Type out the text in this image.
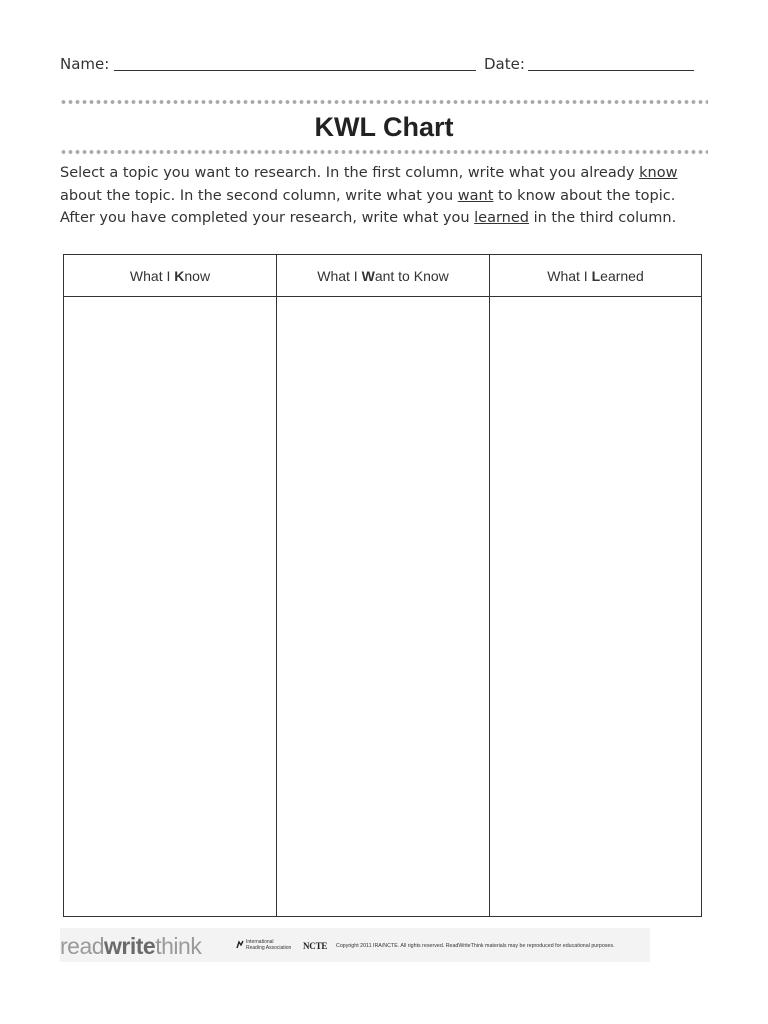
Name:	Date:
KWL Chart
Select a topic you want to research. In the first column, write what you already know about the topic. In the second column, write what you want to know about the topic. After you have completed your research, write what you learned in the third column.
What I Know	What I Want to Know	What I Learned
readwritethink	International
Reading Association	NCTE Copyright 2011 IRA/NCTE. All rights reserved. ReadWriteThink materials may be reproduced for educational purposes.
